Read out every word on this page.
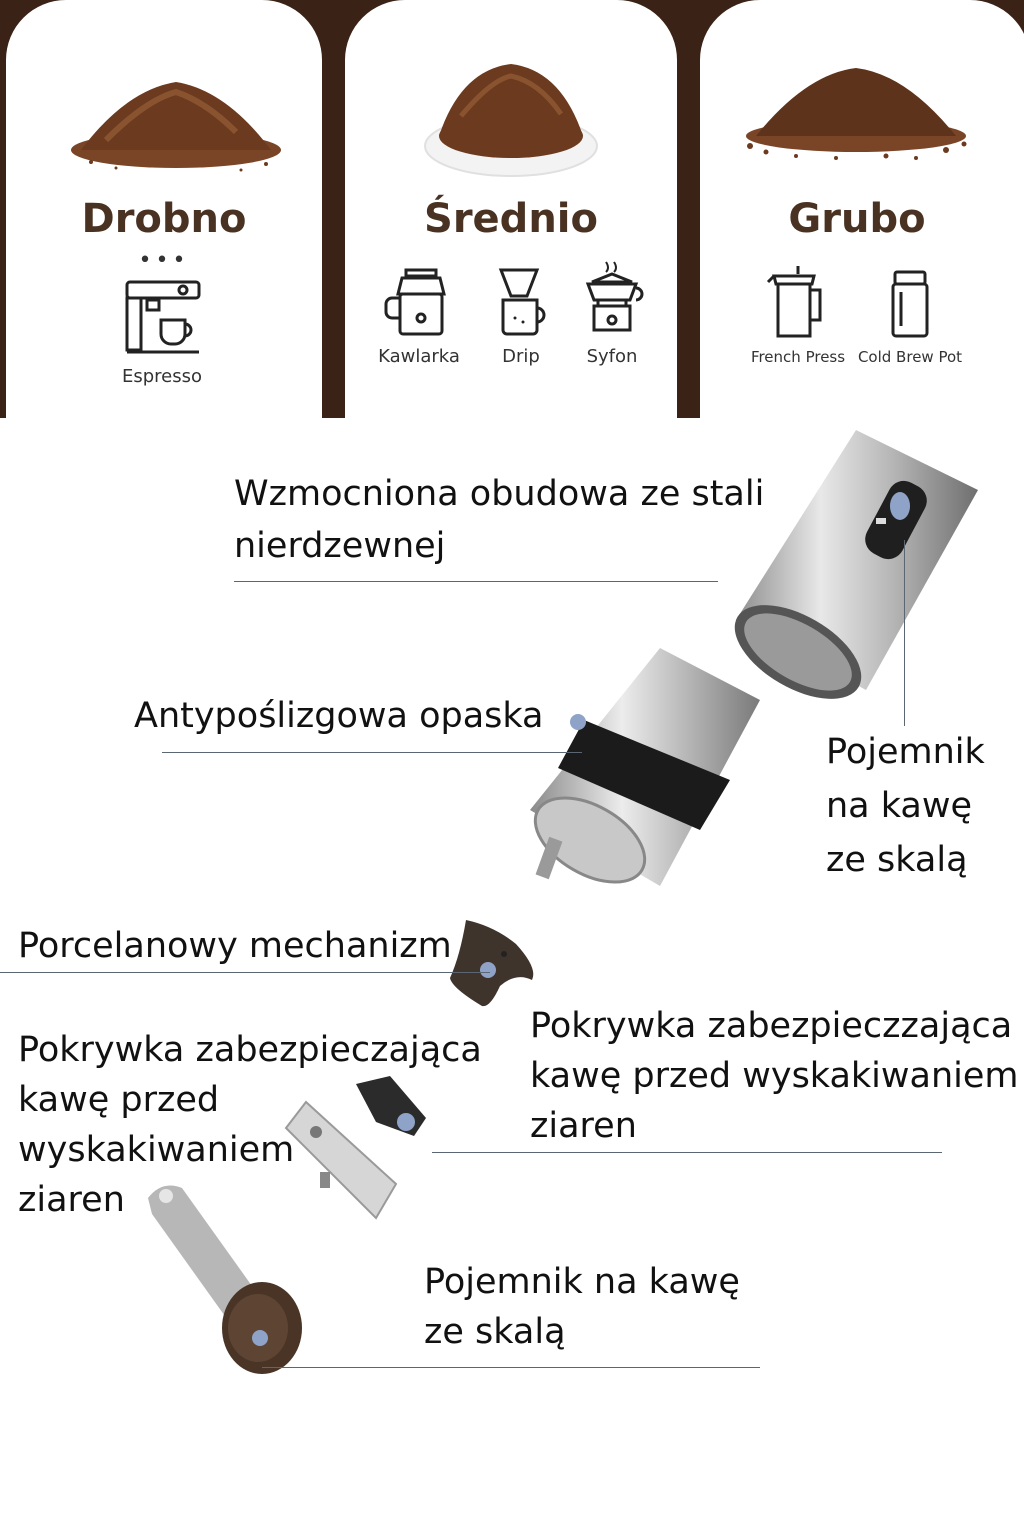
Drobno
•••
Espresso
Średnio
Kawlarka	Drip	Syfon
Grubo
French Press Cold Brew Pot
Wzmocniona obudowa ze stali
nierdzewnej
Antypoślizgowa opaska
Pojemnik
na kawę
ze skalą
Porcelanowy mechanizm
Pokrywka zabezpieczzająca
kawę przed wyskakiwaniem
ziaren
Pokrywka zabezpieczająca
kawę przed
wyskakiwaniem
ziaren
Pojemnik na kawę
ze skalą
